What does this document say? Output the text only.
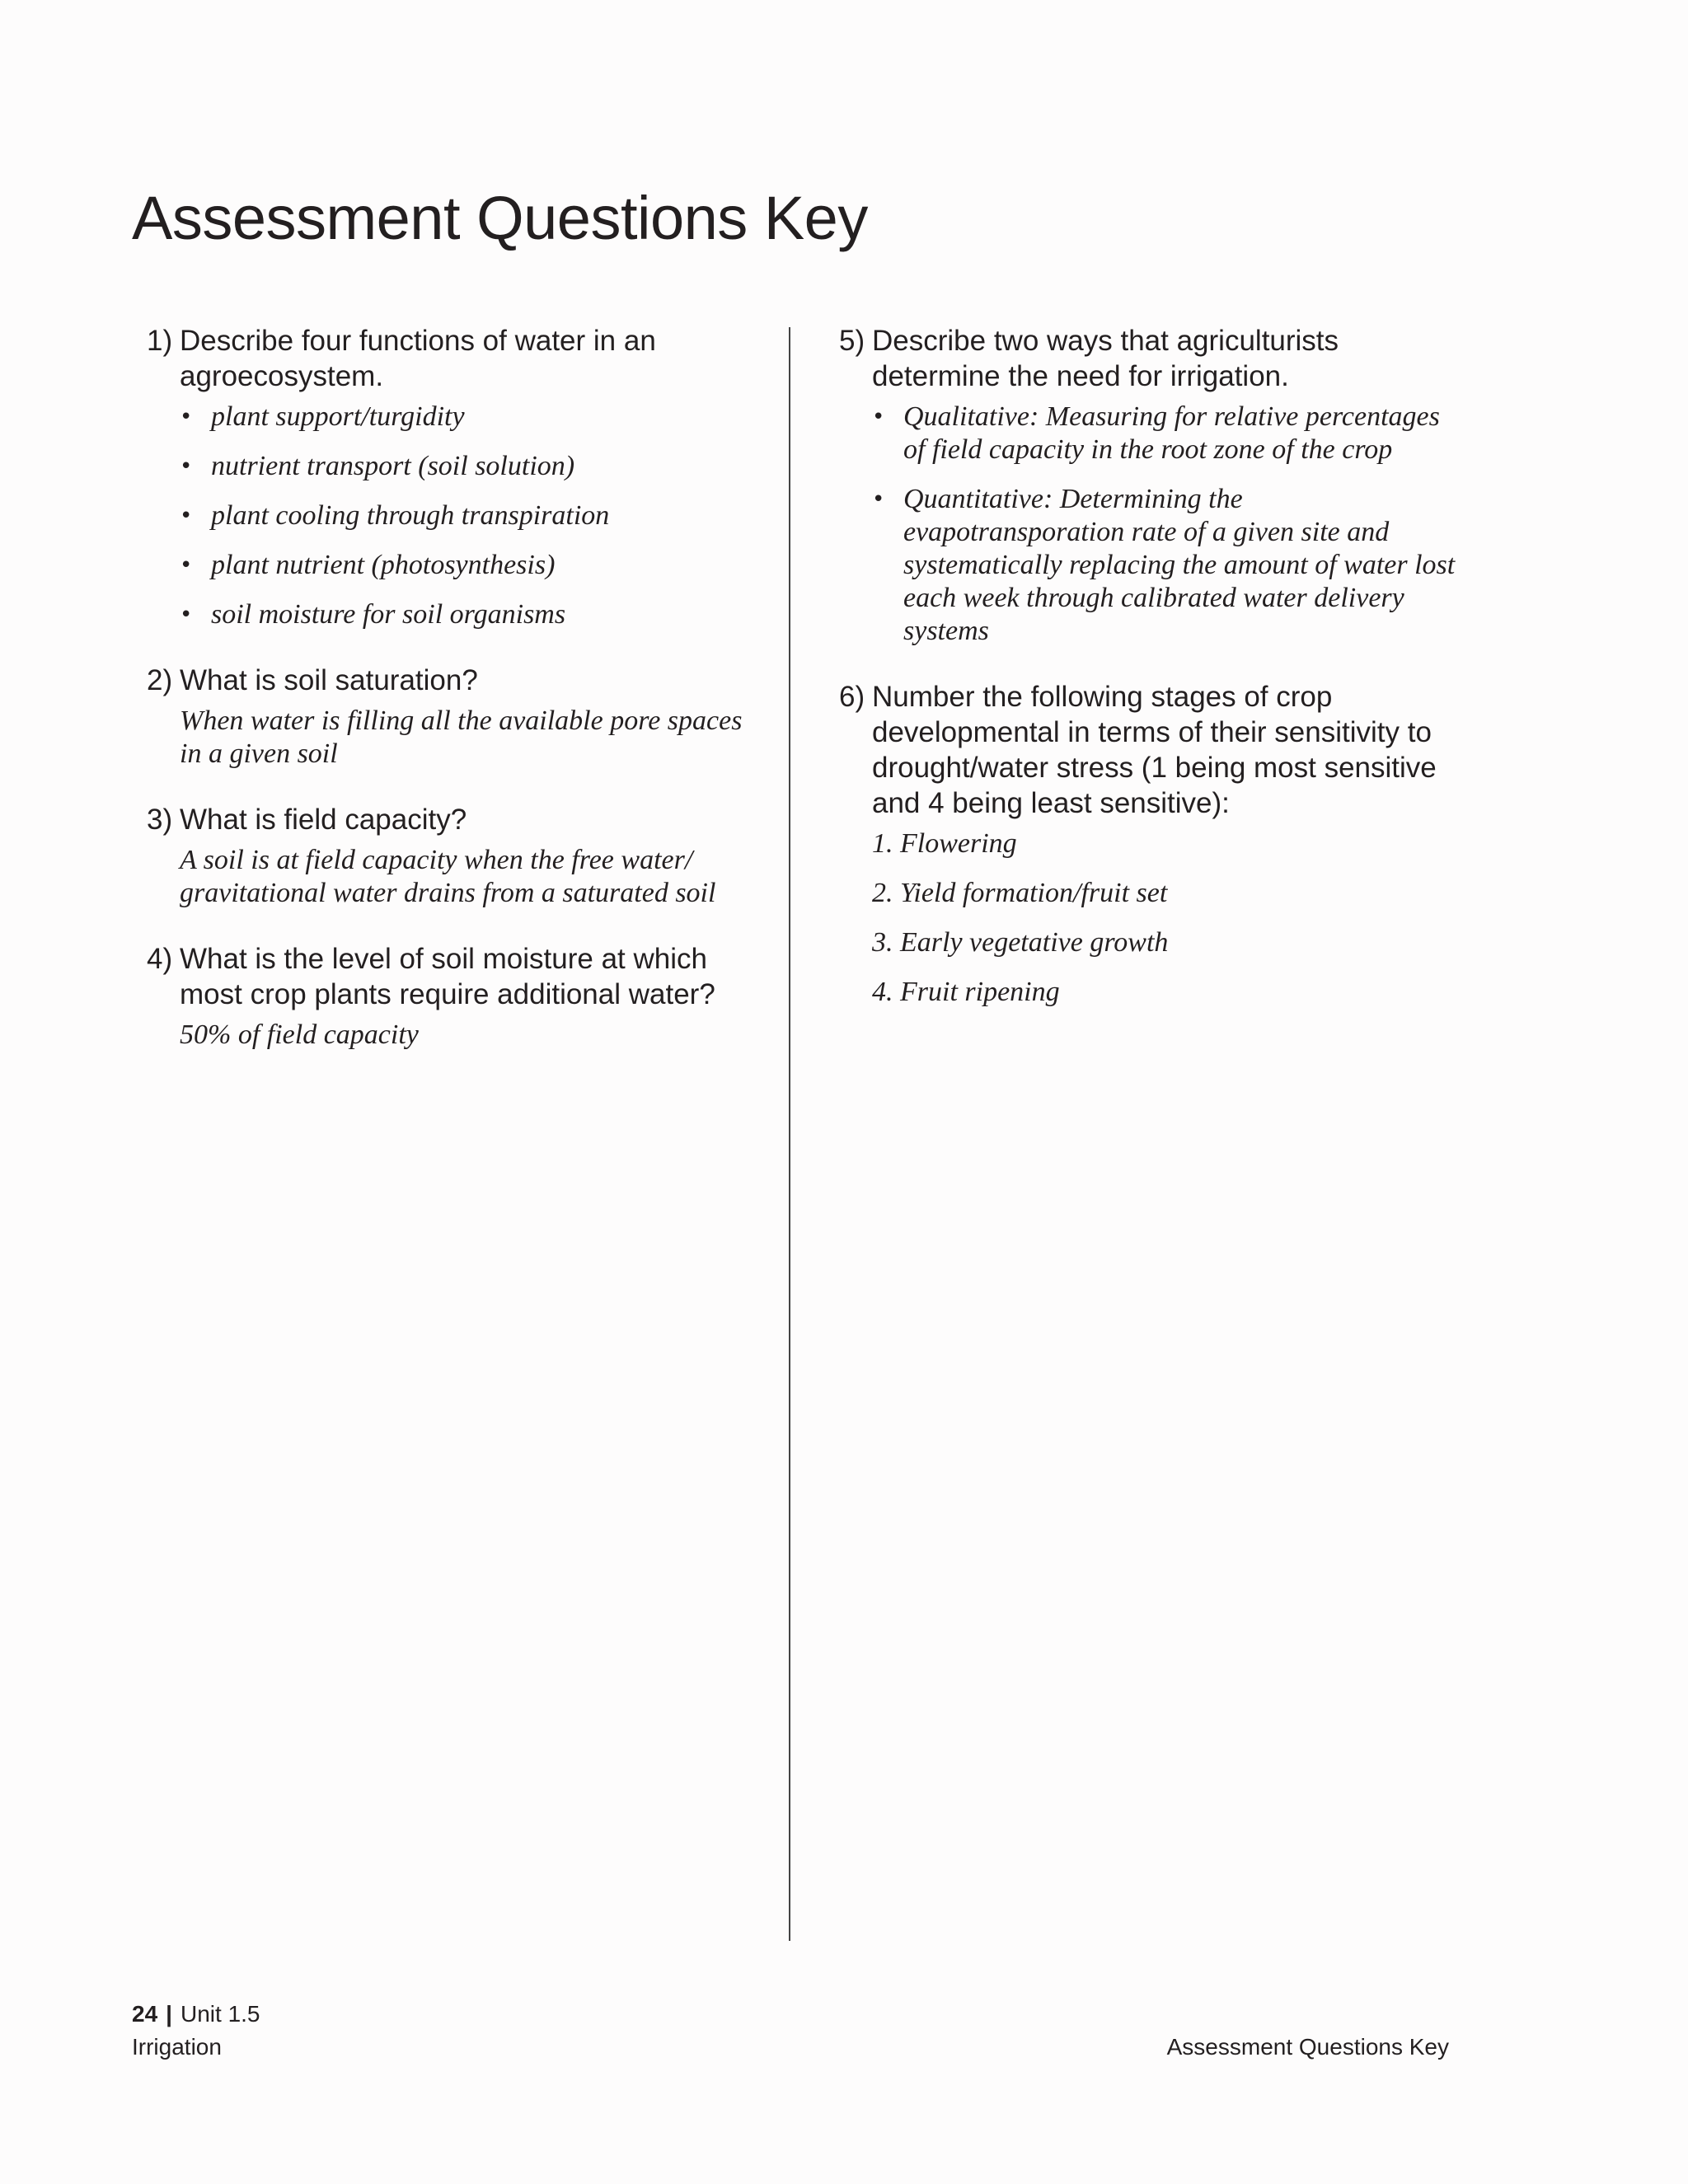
Assessment Questions Key
1) Describe four functions of water in an agroecosystem.
• plant support/turgidity
• nutrient transport (soil solution)
• plant cooling through transpiration
• plant nutrient (photosynthesis)
• soil moisture for soil organisms
2) What is soil saturation?
When water is filling all the available pore spaces in a given soil
3) What is field capacity?
A soil is at field capacity when the free water/ gravitational water drains from a saturated soil
4) What is the level of soil moisture at which most crop plants require additional water?
50% of field capacity
5) Describe two ways that agriculturists determine the need for irrigation.
• Qualitative: Measuring for relative percentages of field capacity in the root zone of the crop
• Quantitative: Determining the evapotransporation rate of a given site and systematically replacing the amount of water lost each week through calibrated water delivery systems
6) Number the following stages of crop developmental in terms of their sensitivity to drought/water stress (1 being most sensitive and 4 being least sensitive):
1. Flowering
2. Yield formation/fruit set
3. Early vegetative growth
4. Fruit ripening
24 | Unit 1.5
Irrigation	Assessment Questions Key
